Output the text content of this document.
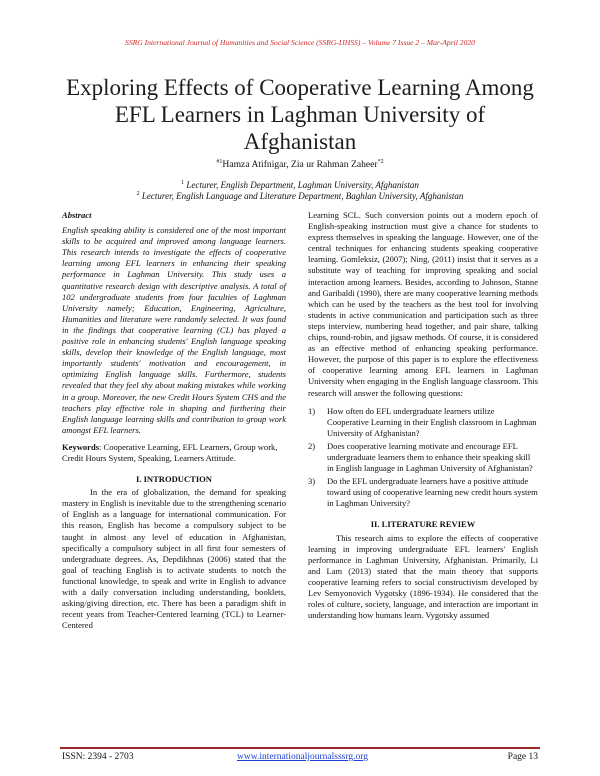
SSRG International Journal of Humanities and Social Science (SSRG-IJHSS) – Volume 7 Issue 2 – Mar-April 2020
Exploring Effects of Cooperative Learning Among EFL Learners in Laghman University of Afghanistan
$^{\#1}$Hamza Atifnigar, Zia ur Rahman Zaheer$^{*2}$
$^1$ Lecturer, English Department, Laghman University, Afghanistan
$^2$ Lecturer, English Language and Literature Department, Baghlan University, Afghanistan

Abstract

English speaking ability is considered one of the most important skills to be acquired and improved among language learners. This research intends to investigate the effects of cooperative learning among EFL learners in enhancing their speaking performance in Laghman University. This study uses a quantitative research design with descriptive analysis. A total of 102 undergraduate students from four faculties of Laghman University namely; Education, Engineering, Agriculture, Humanities and literature were randomly selected. It was found in the findings that cooperative learning (CL) has played a positive role in enhancing students' English language speaking skills, develop their knowledge of the English language, most importantly students' motivation and encouragement, in optimizing English language skills. Furthermore, students revealed that they feel shy about making mistakes while working in a group. Moreover, the new Credit Hours System CHS and the teachers play effective role in shaping and furthering their English language learning skills and contribution to group work amongst EFL learners.

Keywords: Cooperative Learning, EFL Learners, Group work, Credit Hours System, Speaking, Learners Attitude.

I. INTRODUCTION

In the era of globalization, the demand for speaking mastery in English is inevitable due to the strengthening scenario of English as a language for international communication. For this reason, English has become a compulsory subject to be taught in almost any level of education in Afghanistan, specifically a compulsory subject in all first four semesters of undergraduate degrees. As, Depdikhnas (2006) stated that the goal of teaching English is to activate students to notch the functional knowledge, to speak and write in English to advance with a daily conversation including understanding, booklets, asking/giving direction, etc. There has been a paradigm shift in recent years from Teacher-Centered learning (TCL) to Learner-Centered

Learning SCL. Such conversion points out a modern epoch of English-speaking instruction must give a chance for students to express themselves in speaking the language. However, one of the central techniques for enhancing students speaking cooperative learning. Gomleksiz, (2007); Ning, (2011) insist that it serves as a substitute way of teaching for improving speaking and social interaction among learners. Besides, according to Johnson, Stanne and Garibaldi (1990), there are many cooperative learning methods which can be used by the teachers as the best tool for involving students in active communication and participation such as three steps interview, numbering head together, and pair share, talking chips, round-robin, and jigsaw methods. Of course, it is considered as an effective method of enhancing speaking performance. However, the purpose of this paper is to explore the effectiveness of cooperative learning among EFL learners in Laghman University when engaging in the English language classroom. This research will answer the following questions:

1) How often do EFL undergraduate learners utilize Cooperative Learning in their English classroom in Laghman University of Afghanistan?
2) Does cooperative learning motivate and encourage EFL undergraduate learners them to enhance their speaking skill in English language in Laghman University of Afghanistan?
3) Do the EFL undergraduate learners have a positive attitude toward using of cooperative learning new credit hours system in Laghman University?
II. LITERATURE REVIEW

This research aims to explore the effects of cooperative learning in improving undergraduate EFL learners' English performance in Laghman University, Afghanistan. Primarily, Li and Lam (2013) stated that the main theory that supports cooperative learning refers to social constructivism developed by Lev Semyonovich Vygotsky (1896-1934). He considered that the roles of culture, society, language, and interaction are important in understanding how humans learn. Vygotsky assumed

ISSN: 2394 - 2703	www.internationaljournalsssrg.org	Page 13
